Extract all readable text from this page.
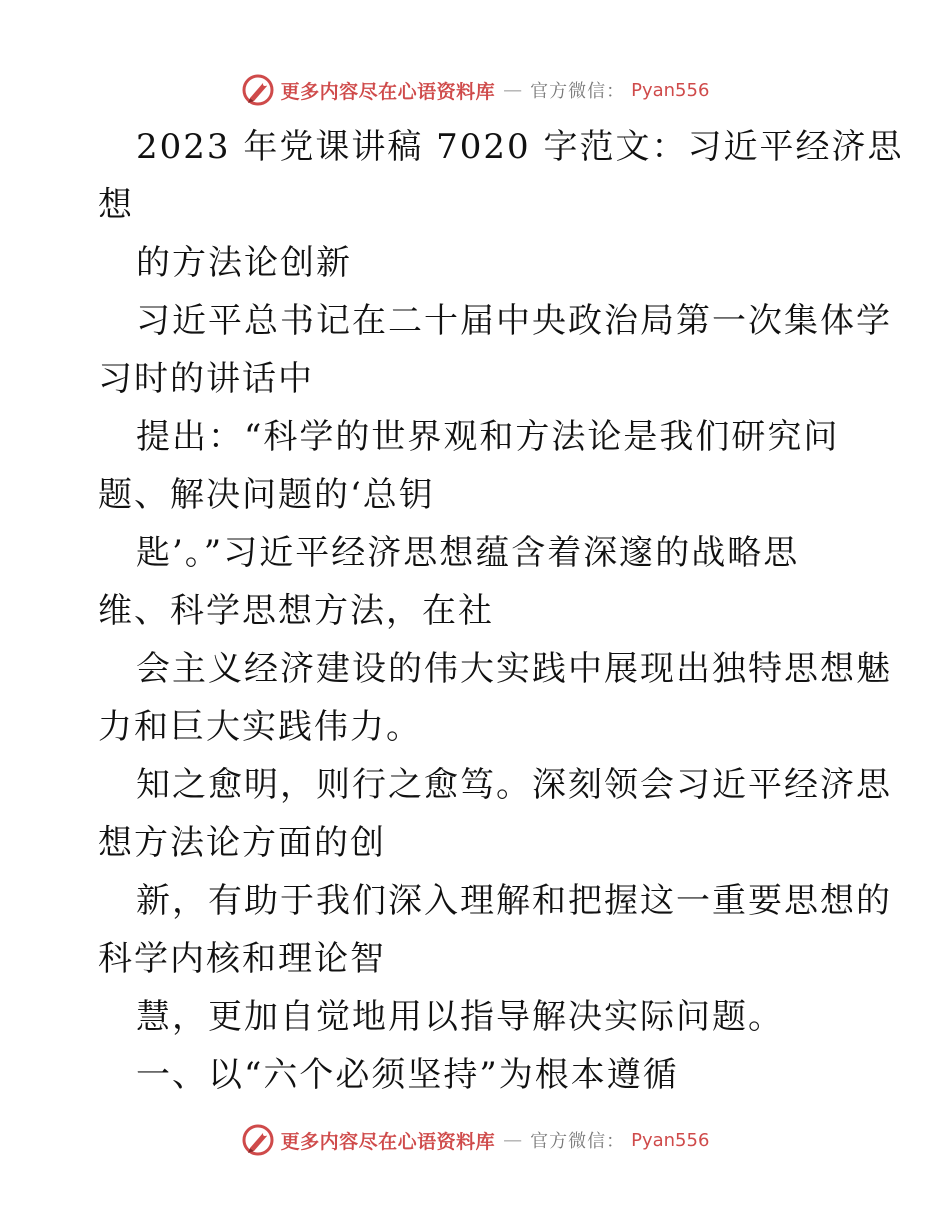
更多内容尽在心语资料库 — 官方微信： Pyan556
2023 年党课讲稿 7020 字范文：习近平经济思
想
的方法论创新
习近平总书记在二十届中央政治局第一次集体学
习时的讲话中
提出：“科学的世界观和方法论是我们研究问
题、解决问题的‘总钥
匙’。”习近平经济思想蕴含着深邃的战略思
维、科学思想方法，在社
会主义经济建设的伟大实践中展现出独特思想魅
力和巨大实践伟力。
知之愈明，则行之愈笃。深刻领会习近平经济思
想方法论方面的创
新，有助于我们深入理解和把握这一重要思想的
科学内核和理论智
慧，更加自觉地用以指导解决实际问题。
一、以“六个必须坚持”为根本遵循
更多内容尽在心语资料库 — 官方微信： Pyan556
